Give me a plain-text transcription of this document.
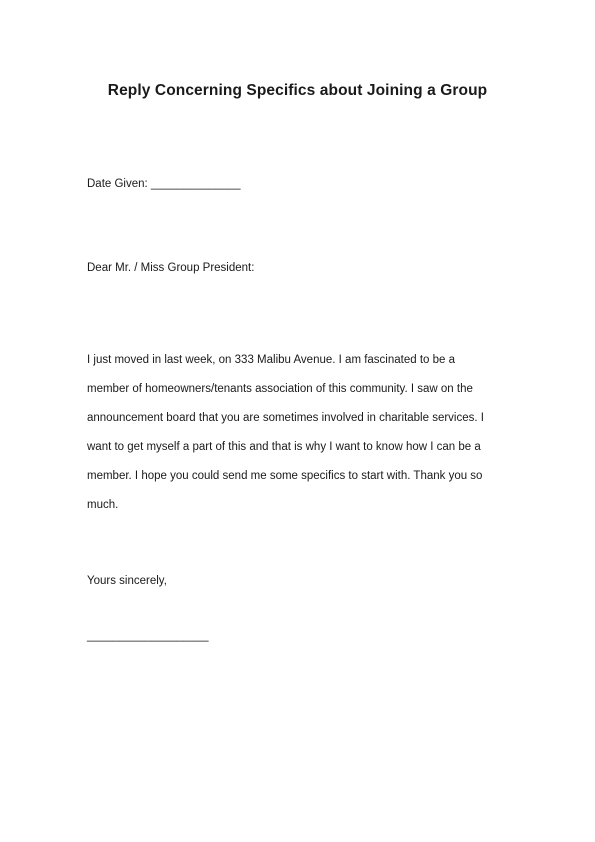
Reply Concerning Specifics about Joining a Group
Date Given: ______________
Dear Mr. / Miss Group President:
I just moved in last week, on 333 Malibu Avenue. I am fascinated to be a
member of homeowners/tenants association of this community. I saw on the
announcement board that you are sometimes involved in charitable services. I
want to get myself a part of this and that is why I want to know how I can be a
member. I hope you could send me some specifics to start with. Thank you so
much.
Yours sincerely,
___________________
